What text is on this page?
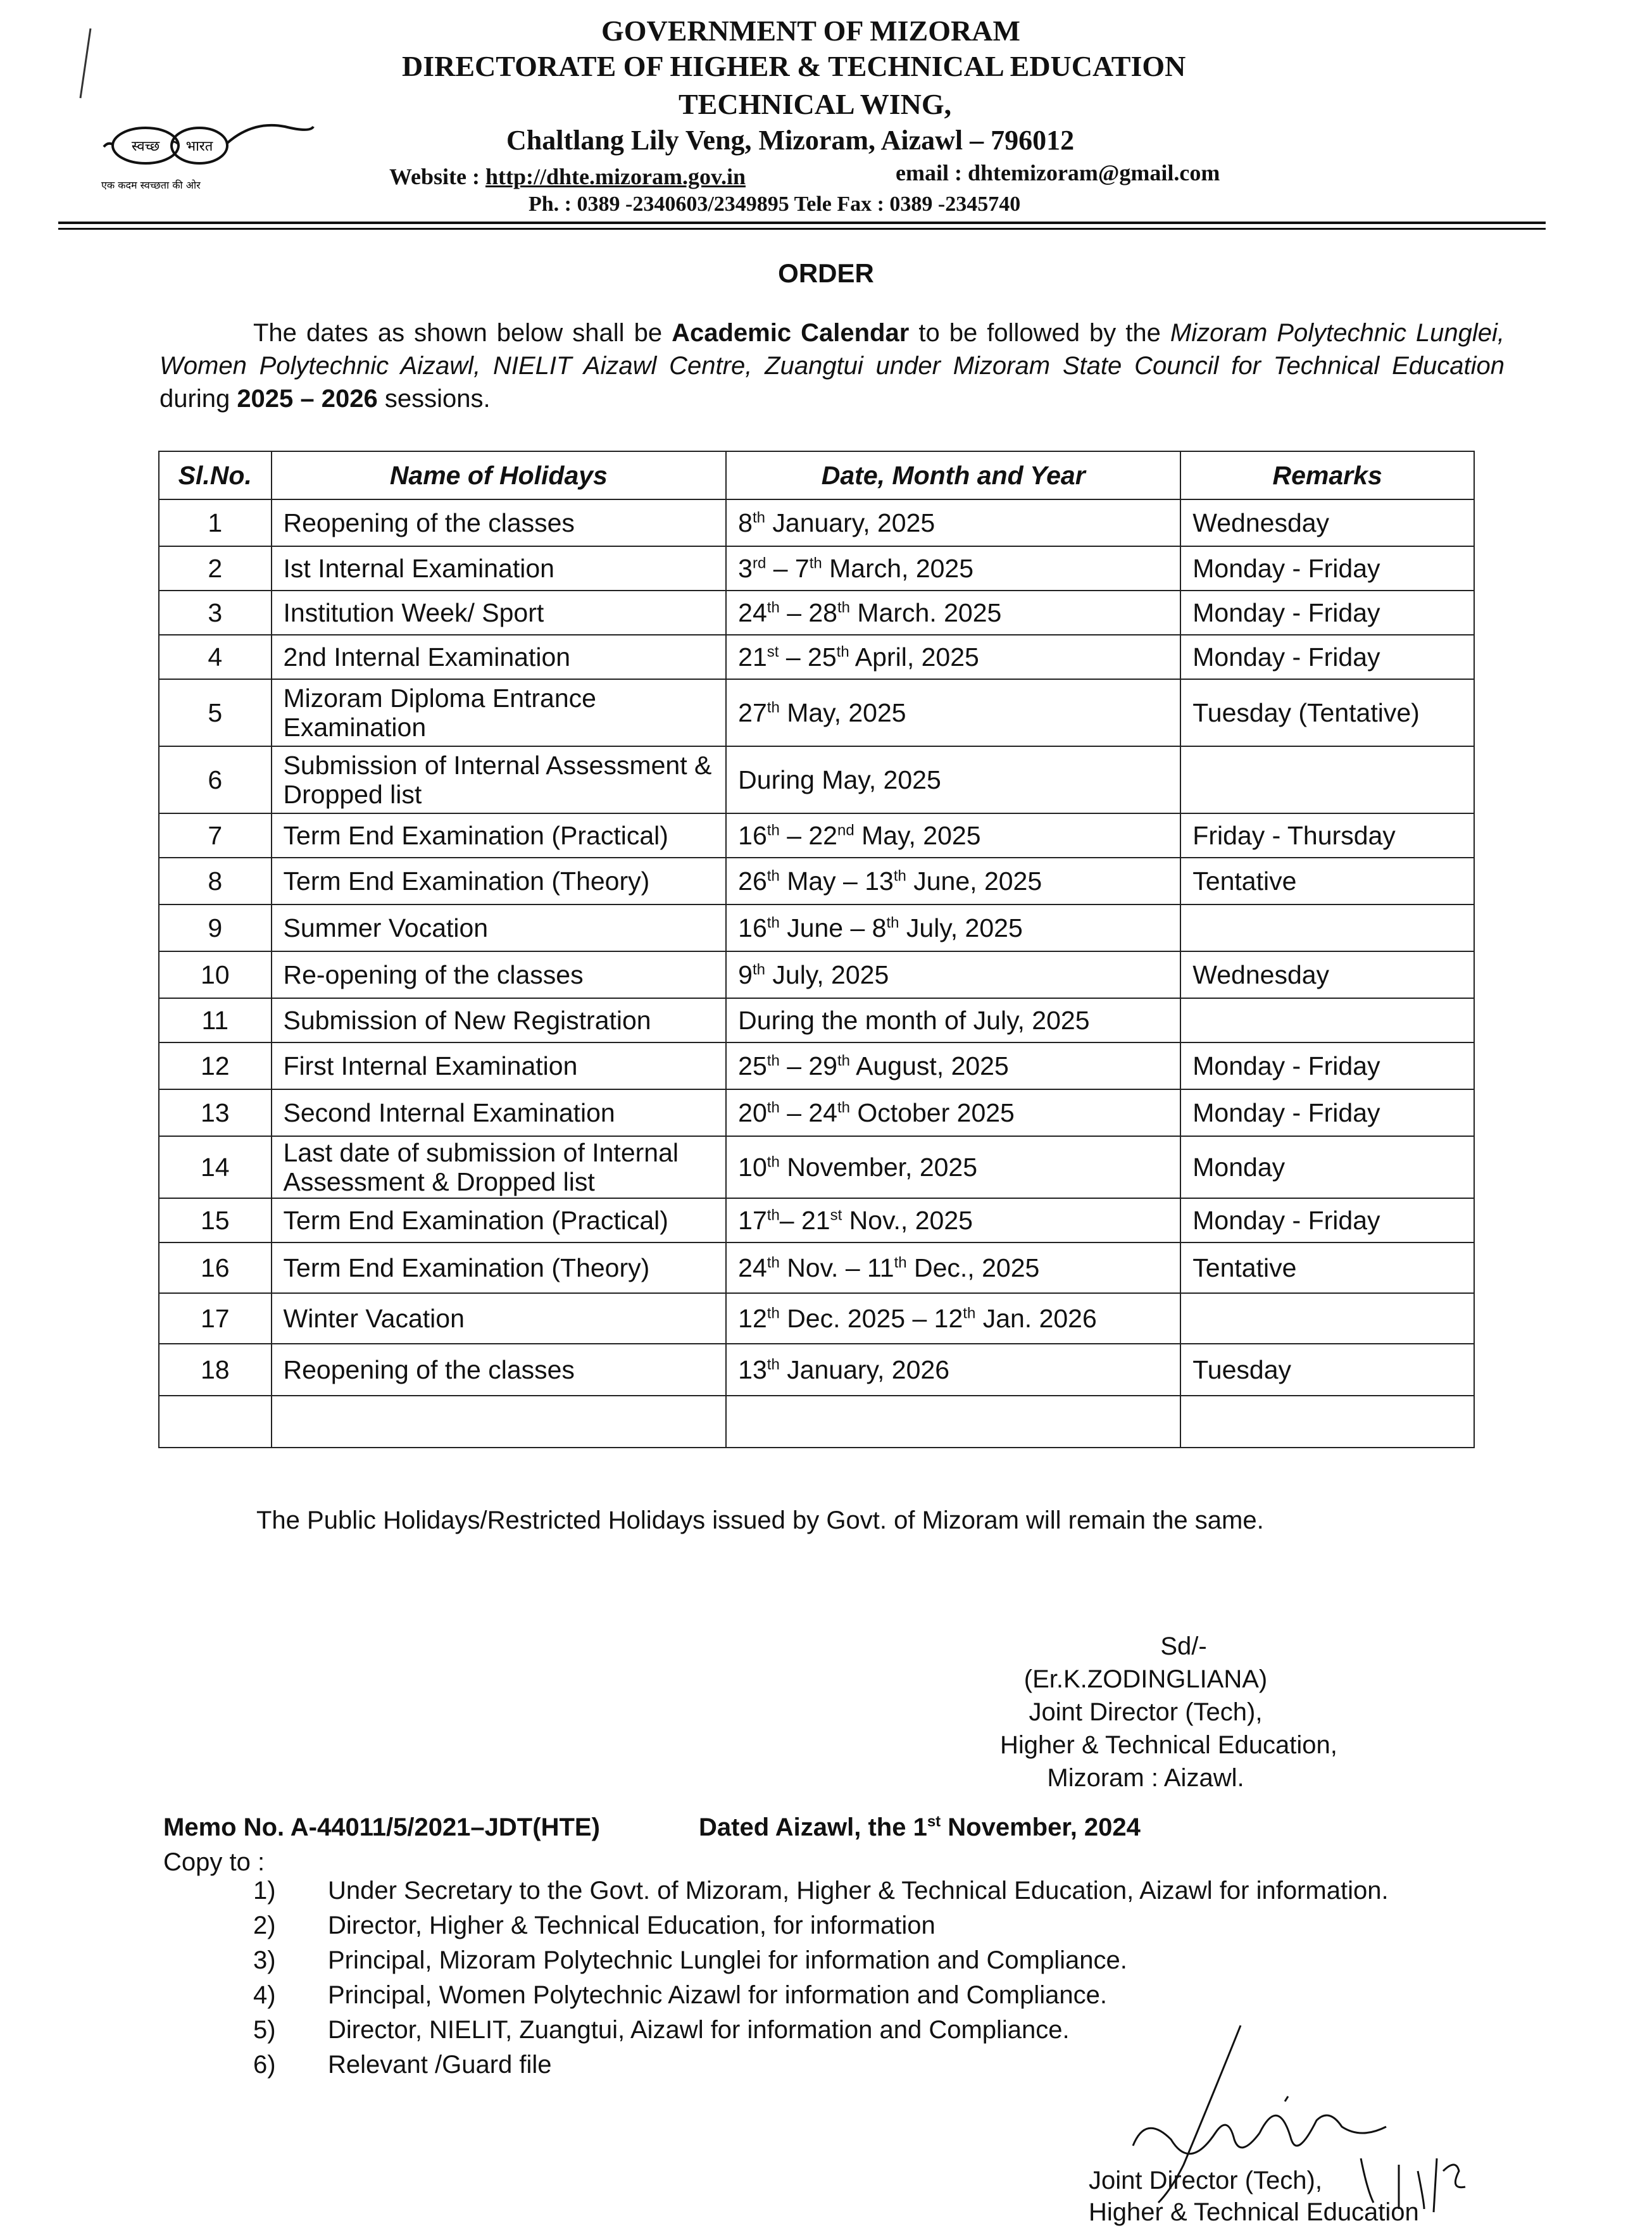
स्वच्छ भारत
एक कदम स्वच्छता की ओर
GOVERNMENT OF MIZORAM
DIRECTORATE OF HIGHER & TECHNICAL EDUCATION
TECHNICAL WING,
Chaltlang Lily Veng, Mizoram, Aizawl – 796012
Website : http://dhte.mizoram.gov.in	email : dhtemizoram@gmail.com
Ph. : 0389 -2340603/2349895 Tele Fax : 0389 -2345740
ORDER
The dates as shown below shall be Academic Calendar to be followed by the Mizoram Polytechnic Lunglei, Women Polytechnic Aizawl, NIELIT Aizawl Centre, Zuangtui under Mizoram State Council for Technical Education during 2025 – 2026 sessions.
Sl.No.	Name of Holidays	Date, Month and Year	Remarks
1	Reopening of the classes	8th January, 2025	Wednesday
2	Ist Internal Examination	3rd – 7th March, 2025	Monday - Friday
3	Institution Week/ Sport	24th – 28th March. 2025	Monday - Friday
4	2nd Internal Examination	21st – 25th April, 2025	Monday - Friday
5	Mizoram Diploma Entrance Examination	27th May, 2025	Tuesday (Tentative)
6	Submission of Internal Assessment & Dropped list	During May, 2025	
7	Term End Examination (Practical)	16th – 22nd May, 2025	Friday - Thursday
8	Term End Examination (Theory)	26th May – 13th June, 2025	Tentative
9	Summer Vocation	16th June – 8th July, 2025	
10	Re-opening of the classes	9th July, 2025	Wednesday
11	Submission of New Registration	During the month of July, 2025	
12	First Internal Examination	25th – 29th August, 2025	Monday - Friday
13	Second Internal Examination	20th – 24th October 2025	Monday - Friday
14	Last date of submission of Internal Assessment & Dropped list	10th November, 2025	Monday
15	Term End Examination (Practical)	17th– 21st Nov., 2025	Monday - Friday
16	Term End Examination (Theory)	24th Nov. – 11th Dec., 2025	Tentative
17	Winter Vacation	12th Dec. 2025 – 12th Jan. 2026	
18	Reopening of the classes	13th January, 2026	Tuesday

The Public Holidays/Restricted Holidays issued by Govt. of Mizoram will remain the same.
Sd/-
(Er.K.ZODINGLIANA)
Joint Director (Tech),
Higher & Technical Education,
Mizoram : Aizawl.
Memo No. A-44011/5/2021–JDT(HTE)	Dated Aizawl, the 1st November, 2024
Copy to :
1)	Under Secretary to the Govt. of Mizoram, Higher & Technical Education, Aizawl for information.
2)	Director, Higher & Technical Education, for information
3)	Principal, Mizoram Polytechnic Lunglei for information and Compliance.
4)	Principal, Women Polytechnic Aizawl for information and Compliance.
5)	Director, NIELIT, Zuangtui, Aizawl for information and Compliance.
6)	Relevant /Guard file
Joint Director (Tech),
Higher & Technical Education
